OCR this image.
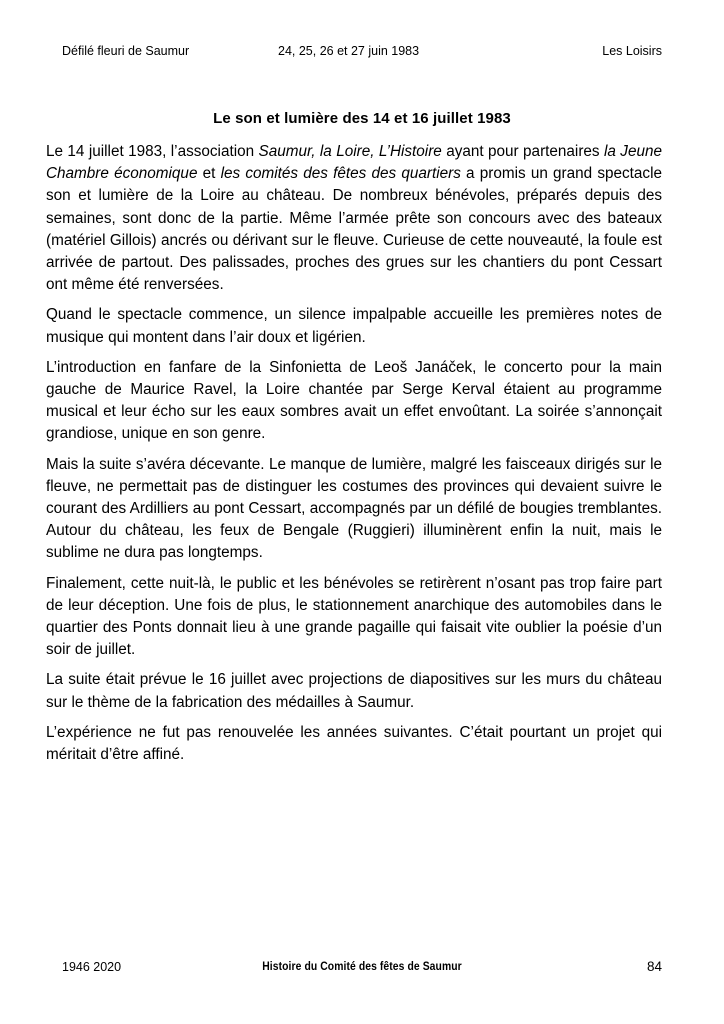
Défilé fleuri de Saumur	24, 25, 26 et 27 juin 1983	Les Loisirs
Le son et lumière des 14 et 16 juillet 1983

Le 14 juillet 1983, l’association Saumur, la Loire, L’Histoire ayant pour partenaires la Jeune Chambre économique et les comités des fêtes des quartiers a promis un grand spectacle son et lumière de la Loire au château. De nombreux bénévoles, préparés depuis des semaines, sont donc de la partie. Même l’armée prête son concours avec des bateaux (matériel Gillois) ancrés ou dérivant sur le fleuve. Curieuse de cette nouveauté, la foule est arrivée de partout. Des palissades, proches des grues sur les chantiers du pont Cessart ont même été renversées.

Quand le spectacle commence, un silence impalpable accueille les premières notes de musique qui montent dans l’air doux et ligérien.

L’introduction en fanfare de la Sinfonietta de Leoš Janáček, le concerto pour la main gauche de Maurice Ravel, la Loire chantée par Serge Kerval étaient au programme musical et leur écho sur les eaux sombres avait un effet envoûtant. La soirée s’annonçait grandiose, unique en son genre.

Mais la suite s’avéra décevante. Le manque de lumière, malgré les faisceaux dirigés sur le fleuve, ne permettait pas de distinguer les costumes des provinces qui devaient suivre le courant des Ardilliers au pont Cessart, accompagnés par un défilé de bougies tremblantes. Autour du château, les feux de Bengale (Ruggieri) illuminèrent enfin la nuit, mais le sublime ne dura pas longtemps.

Finalement, cette nuit-là, le public et les bénévoles se retirèrent n’osant pas trop faire part de leur déception. Une fois de plus, le stationnement anarchique des automobiles dans le quartier des Ponts donnait lieu à une grande pagaille qui faisait vite oublier la poésie d’un soir de juillet.

La suite était prévue le 16 juillet avec projections de diapositives sur les murs du château sur le thème de la fabrication des médailles à Saumur.

L’expérience ne fut pas renouvelée les années suivantes. C’était pourtant un projet qui méritait d’être affiné.

1946 2020	Histoire du Comité des fêtes de Saumur	84
